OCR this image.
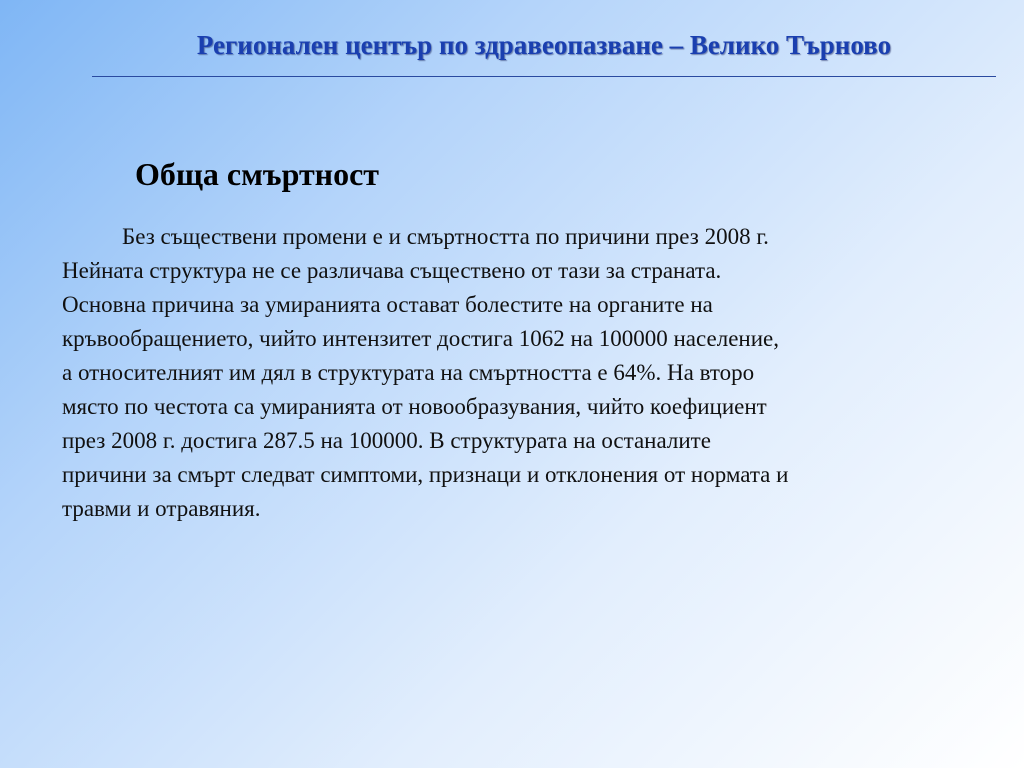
Регионален център по здравеопазване – Велико Търново
Обща смъртност
Без съществени промени е и смъртността по причини през 2008 г.
Нейната структура не се различава съществено от тази за страната.
Основна причина за умиранията остават болестите на органите на
кръвообращението, чийто интензитет достига 1062 на 100000 население,
а относителният им дял в структурата на смъртността е 64%. На второ
място по честота са умиранията от новообразувания, чийто коефициент
през 2008 г. достига 287.5 на 100000. В структурата на останалите
причини за смърт следват симптоми, признаци и отклонения от нормата и
травми и отравяния.
